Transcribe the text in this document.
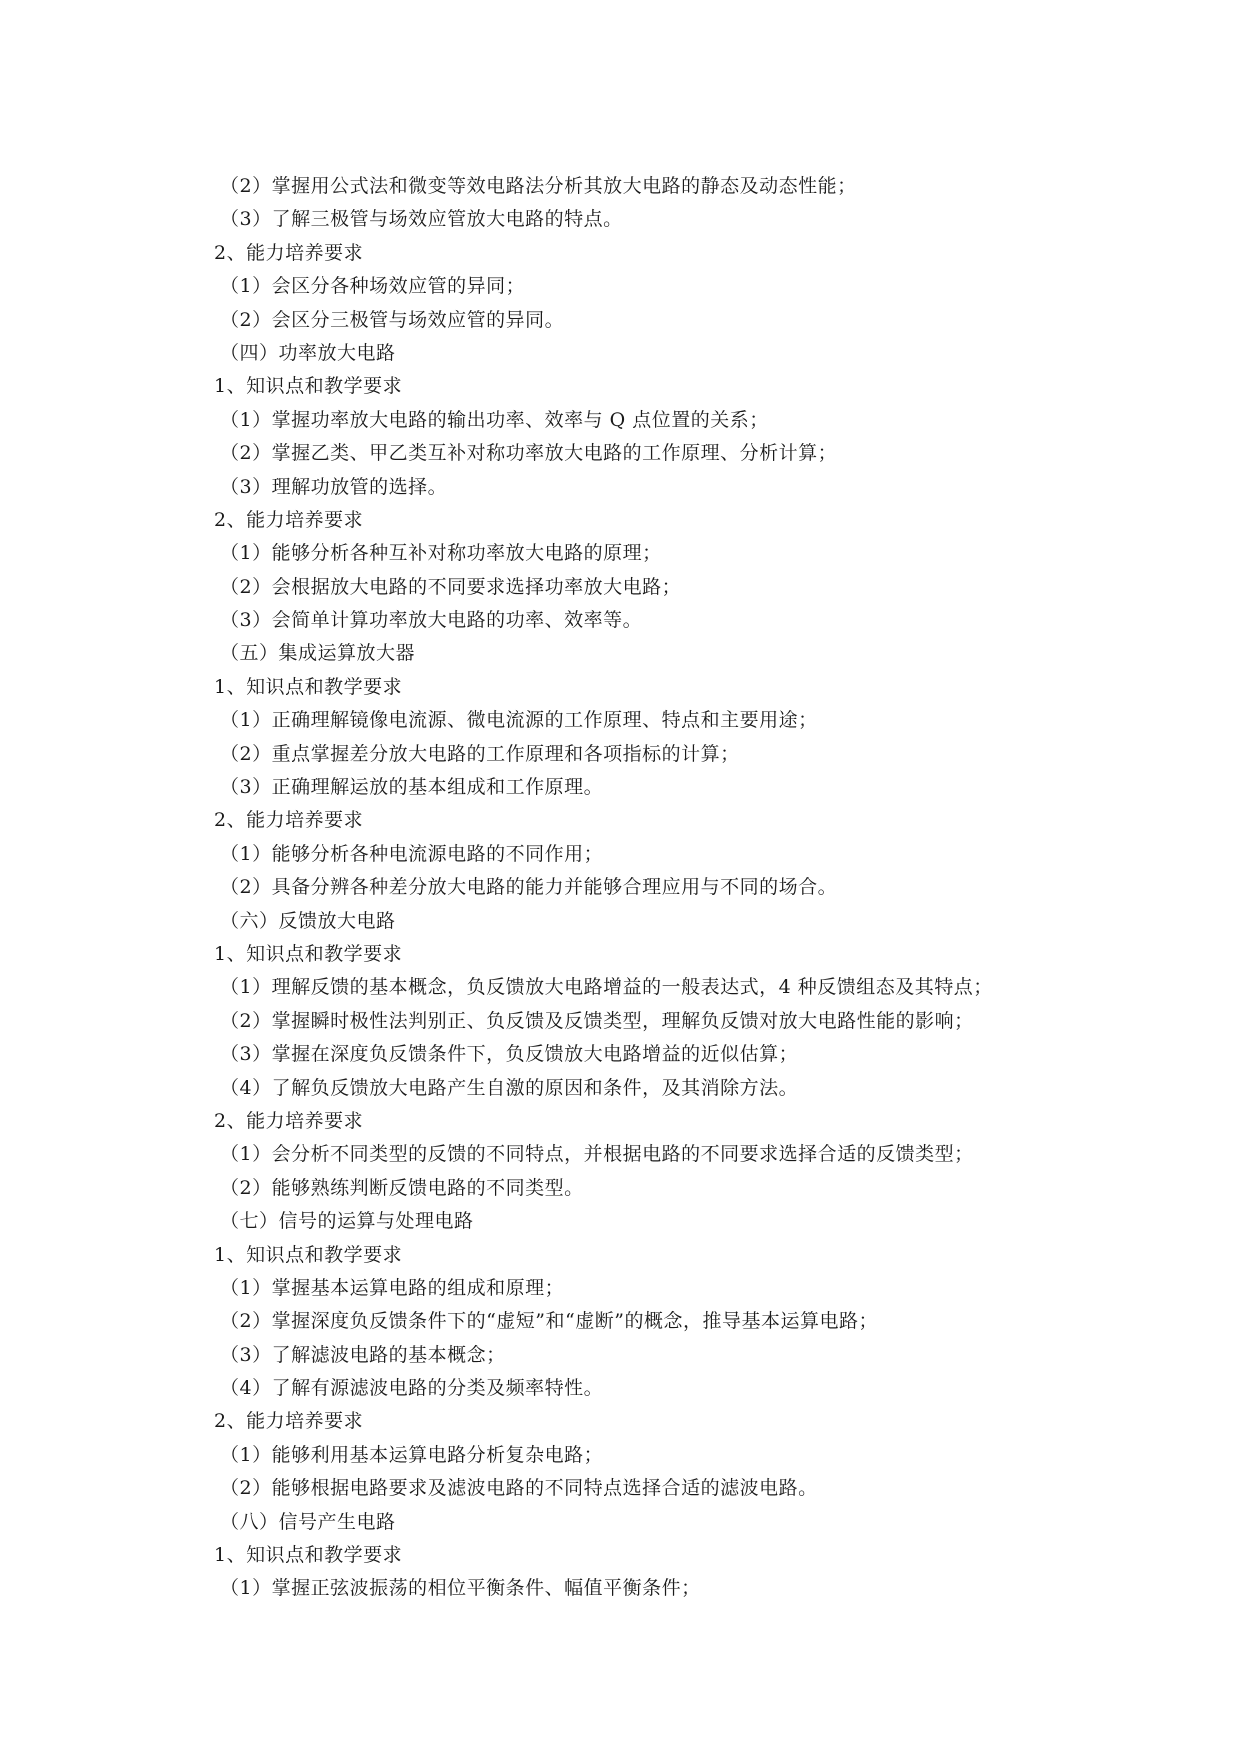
（2）掌握用公式法和微变等效电路法分析其放大电路的静态及动态性能；
（3）了解三极管与场效应管放大电路的特点。
2、能力培养要求
（1）会区分各种场效应管的异同；
（2）会区分三极管与场效应管的异同。
（四）功率放大电路
1、知识点和教学要求
（1）掌握功率放大电路的输出功率、效率与 Q 点位置的关系；
（2）掌握乙类、甲乙类互补对称功率放大电路的工作原理、分析计算；
（3）理解功放管的选择。
2、能力培养要求
（1）能够分析各种互补对称功率放大电路的原理；
（2）会根据放大电路的不同要求选择功率放大电路；
（3）会简单计算功率放大电路的功率、效率等。
（五）集成运算放大器
1、知识点和教学要求
（1）正确理解镜像电流源、微电流源的工作原理、特点和主要用途；
（2）重点掌握差分放大电路的工作原理和各项指标的计算；
（3）正确理解运放的基本组成和工作原理。
2、能力培养要求
（1）能够分析各种电流源电路的不同作用；
（2）具备分辨各种差分放大电路的能力并能够合理应用与不同的场合。
（六）反馈放大电路
1、知识点和教学要求
（1）理解反馈的基本概念，负反馈放大电路增益的一般表达式，4 种反馈组态及其特点；
（2）掌握瞬时极性法判别正、负反馈及反馈类型，理解负反馈对放大电路性能的影响；
（3）掌握在深度负反馈条件下，负反馈放大电路增益的近似估算；
（4）了解负反馈放大电路产生自激的原因和条件，及其消除方法。
2、能力培养要求
（1）会分析不同类型的反馈的不同特点，并根据电路的不同要求选择合适的反馈类型；
（2）能够熟练判断反馈电路的不同类型。
（七）信号的运算与处理电路
1、知识点和教学要求
（1）掌握基本运算电路的组成和原理；
（2）掌握深度负反馈条件下的“虚短”和“虚断”的概念，推导基本运算电路；
（3）了解滤波电路的基本概念；
（4）了解有源滤波电路的分类及频率特性。
2、能力培养要求
（1）能够利用基本运算电路分析复杂电路；
（2）能够根据电路要求及滤波电路的不同特点选择合适的滤波电路。
（八）信号产生电路
1、知识点和教学要求
（1）掌握正弦波振荡的相位平衡条件、幅值平衡条件；
